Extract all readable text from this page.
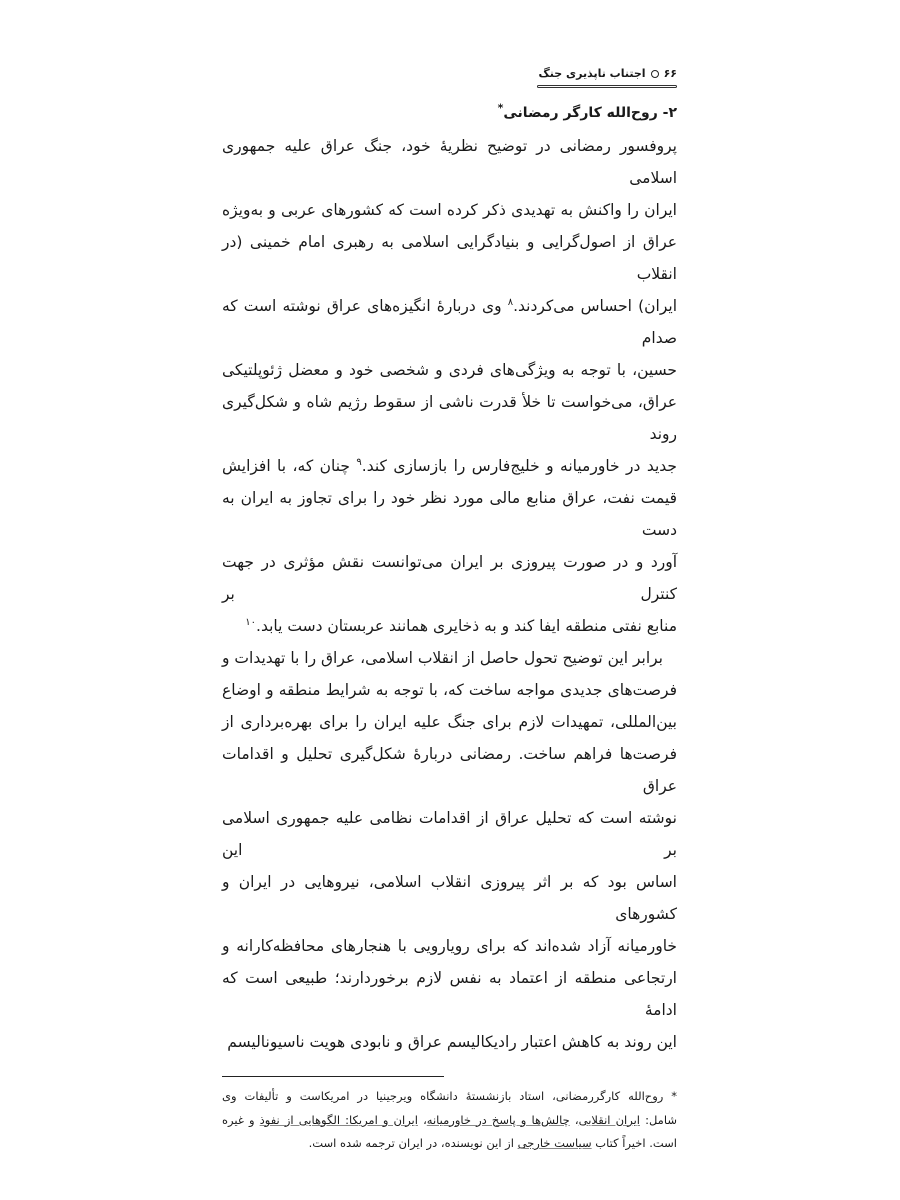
۶۶اجتناب ناپذیری جنگ
۲- روح‌الله کارگر رمضانی*
پروفسور رمضانی در توضیح نظریهٔ خود، جنگ عراق علیه جمهوری اسلامی
ایران را واکنش به تهدیدی ذکر کرده است که کشورهای عربی و به‌ویژه
عراق از اصول‌گرایی و بنیادگرایی اسلامی به رهبری امام خمینی (در انقلاب
ایران) احساس می‌کردند.$^۸$ وی دربارهٔ انگیزه‌های عراق نوشته است که صدام
حسین، با توجه به ویژگی‌های فردی و شخصی خود و معضل ژئوپلتیکی
عراق، می‌خواست تا خلأ قدرت ناشی از سقوط رژیم شاه و شکل‌گیری روند
جدید در خاورمیانه و خلیج‌فارس را بازسازی کند.$^۹$ چنان که، با افزایش
قیمت نفت، عراق منابع مالی مورد نظر خود را برای تجاوز به ایران به دست
آورد و در صورت پیروزی بر ایران می‌توانست نقش مؤثری در جهت کنترل بر
منابع نفتی منطقه ایفا کند و به ذخایری همانند عربستان دست یابد.$^{۱۰}$
برابر این توضیح تحول حاصل از انقلاب اسلامی، عراق را با تهدیدات و
فرصت‌های جدیدی مواجه ساخت که، با توجه به شرایط منطقه و اوضاع
بین‌المللی، تمهیدات لازم برای جنگ علیه ایران را برای بهره‌برداری از
فرصت‌ها فراهم ساخت. رمضانی دربارهٔ شکل‌گیری تحلیل و اقدامات عراق
نوشته است که تحلیل عراق از اقدامات نظامی علیه جمهوری اسلامی بر این
اساس بود که بر اثر پیروزی انقلاب اسلامی، نیروهایی در ایران و کشورهای
خاورمیانه آزاد شده‌اند که برای رویارویی با هنجارهای محافظه‌کارانه و
ارتجاعی منطقه از اعتماد به نفس لازم برخوردارند؛ طبیعی است که ادامهٔ
این روند به کاهش اعتبار رادیکالیسم عراق و نابودی هویت ناسیونالیسم
* روح‌الله کارگررمضانی، استاد بازنشستهٔ دانشگاه ویرجینیا در امریکاست و تألیفات وی
شامل: ایران انقلابی، چالش‌ها و پاسخ در خاورمیانه، ایران و امریکا: الگوهایی از نفوذ و غیره
است. اخیراً کتاب سیاست خارجی از این نویسنده، در ایران ترجمه شده است.
